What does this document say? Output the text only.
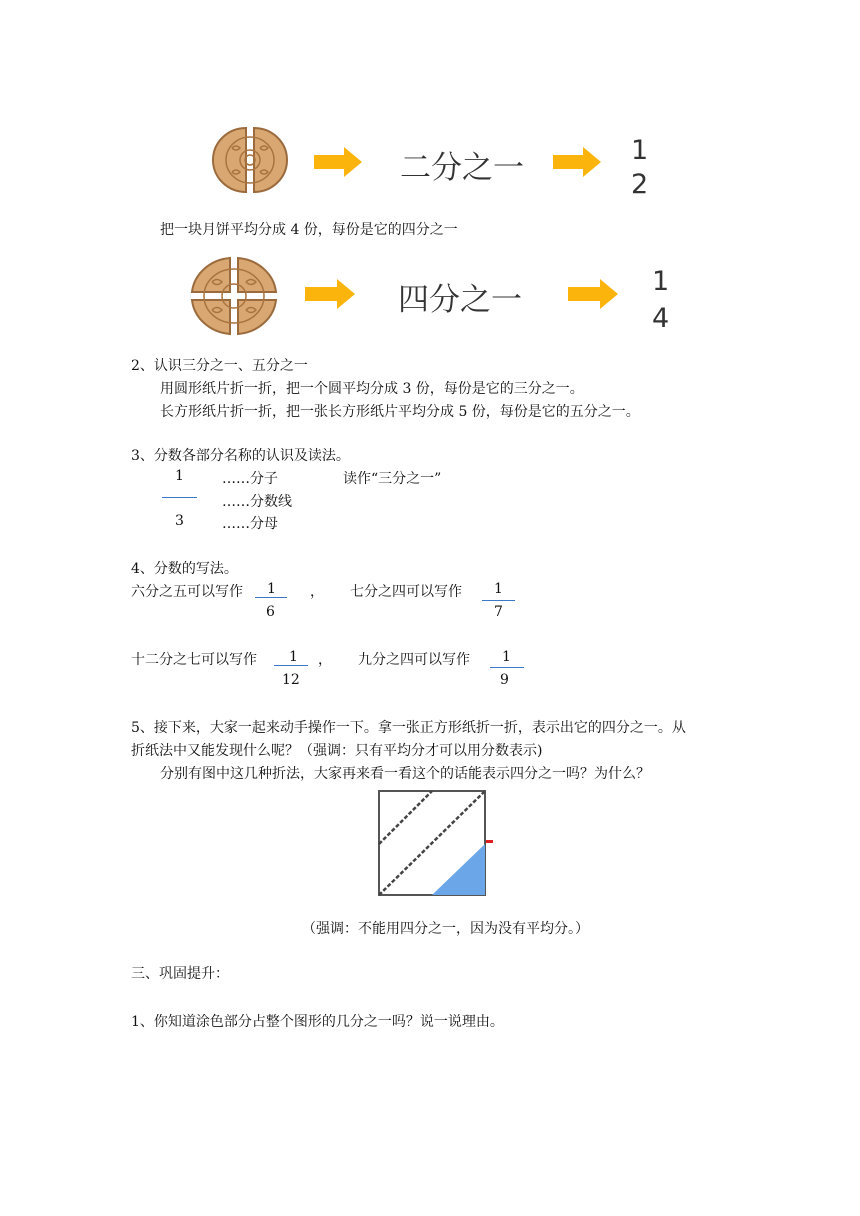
二分之一	1
2
把一块月饼平均分成 4 份，每份是它的四分之一
四分之一
1
4
2、认识三分之一、五分之一
用圆形纸片折一折，把一个圆平均分成 3 份，每份是它的三分之一。
长方形纸片折一折，把一张长方形纸片平均分成 5 份，每份是它的五分之一。
3、分数各部分名称的认识及读法。
1
3
……分子
……分数线
……分母
读作“三分之一”
4、分数的写法。
六分之五可以写作 1
6
， 七分之四可以写作 1
7
十二分之七可以写作 1
12
， 九分之四可以写作 1
9
5、接下来，大家一起来动手操作一下。拿一张正方形纸折一折，表示出它的四分之一。从
折纸法中又能发现什么呢？（强调：只有平均分才可以用分数表示)
分别有图中这几种折法，大家再来看一看这个的话能表示四分之一吗？为什么？
（强调：不能用四分之一，因为没有平均分。）
三、巩固提升：
1、你知道涂色部分占整个图形的几分之一吗？说一说理由。
